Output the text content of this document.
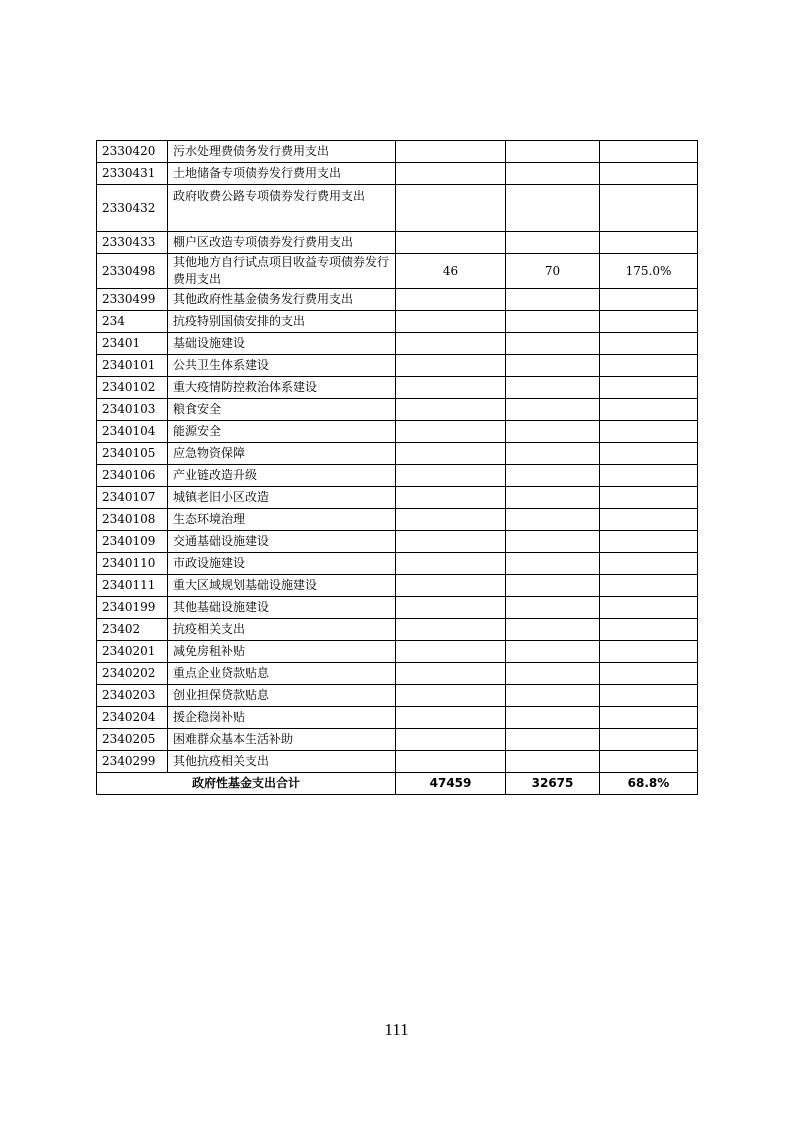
2330420	污水处理费债务发行费用支出			
2330431	土地储备专项债券发行费用支出			
2330432	政府收费公路专项债券发行费用支出			
2330433	棚户区改造专项债券发行费用支出			
2330498	其他地方自行试点项目收益专项债券发行费用支出	46	70	175.0%
2330499	其他政府性基金债务发行费用支出			
234	抗疫特别国债安排的支出			
23401	基础设施建设			
2340101	公共卫生体系建设			
2340102	重大疫情防控救治体系建设			
2340103	粮食安全			
2340104	能源安全			
2340105	应急物资保障			
2340106	产业链改造升级			
2340107	城镇老旧小区改造			
2340108	生态环境治理			
2340109	交通基础设施建设			
2340110	市政设施建设			
2340111	重大区域规划基础设施建设			
2340199	其他基础设施建设			
23402	抗疫相关支出			
2340201	减免房租补贴			
2340202	重点企业贷款贴息			
2340203	创业担保贷款贴息			
2340204	援企稳岗补贴			
2340205	困难群众基本生活补助			
2340299	其他抗疫相关支出			
政府性基金支出合计		47459	32675	68.8%
111
